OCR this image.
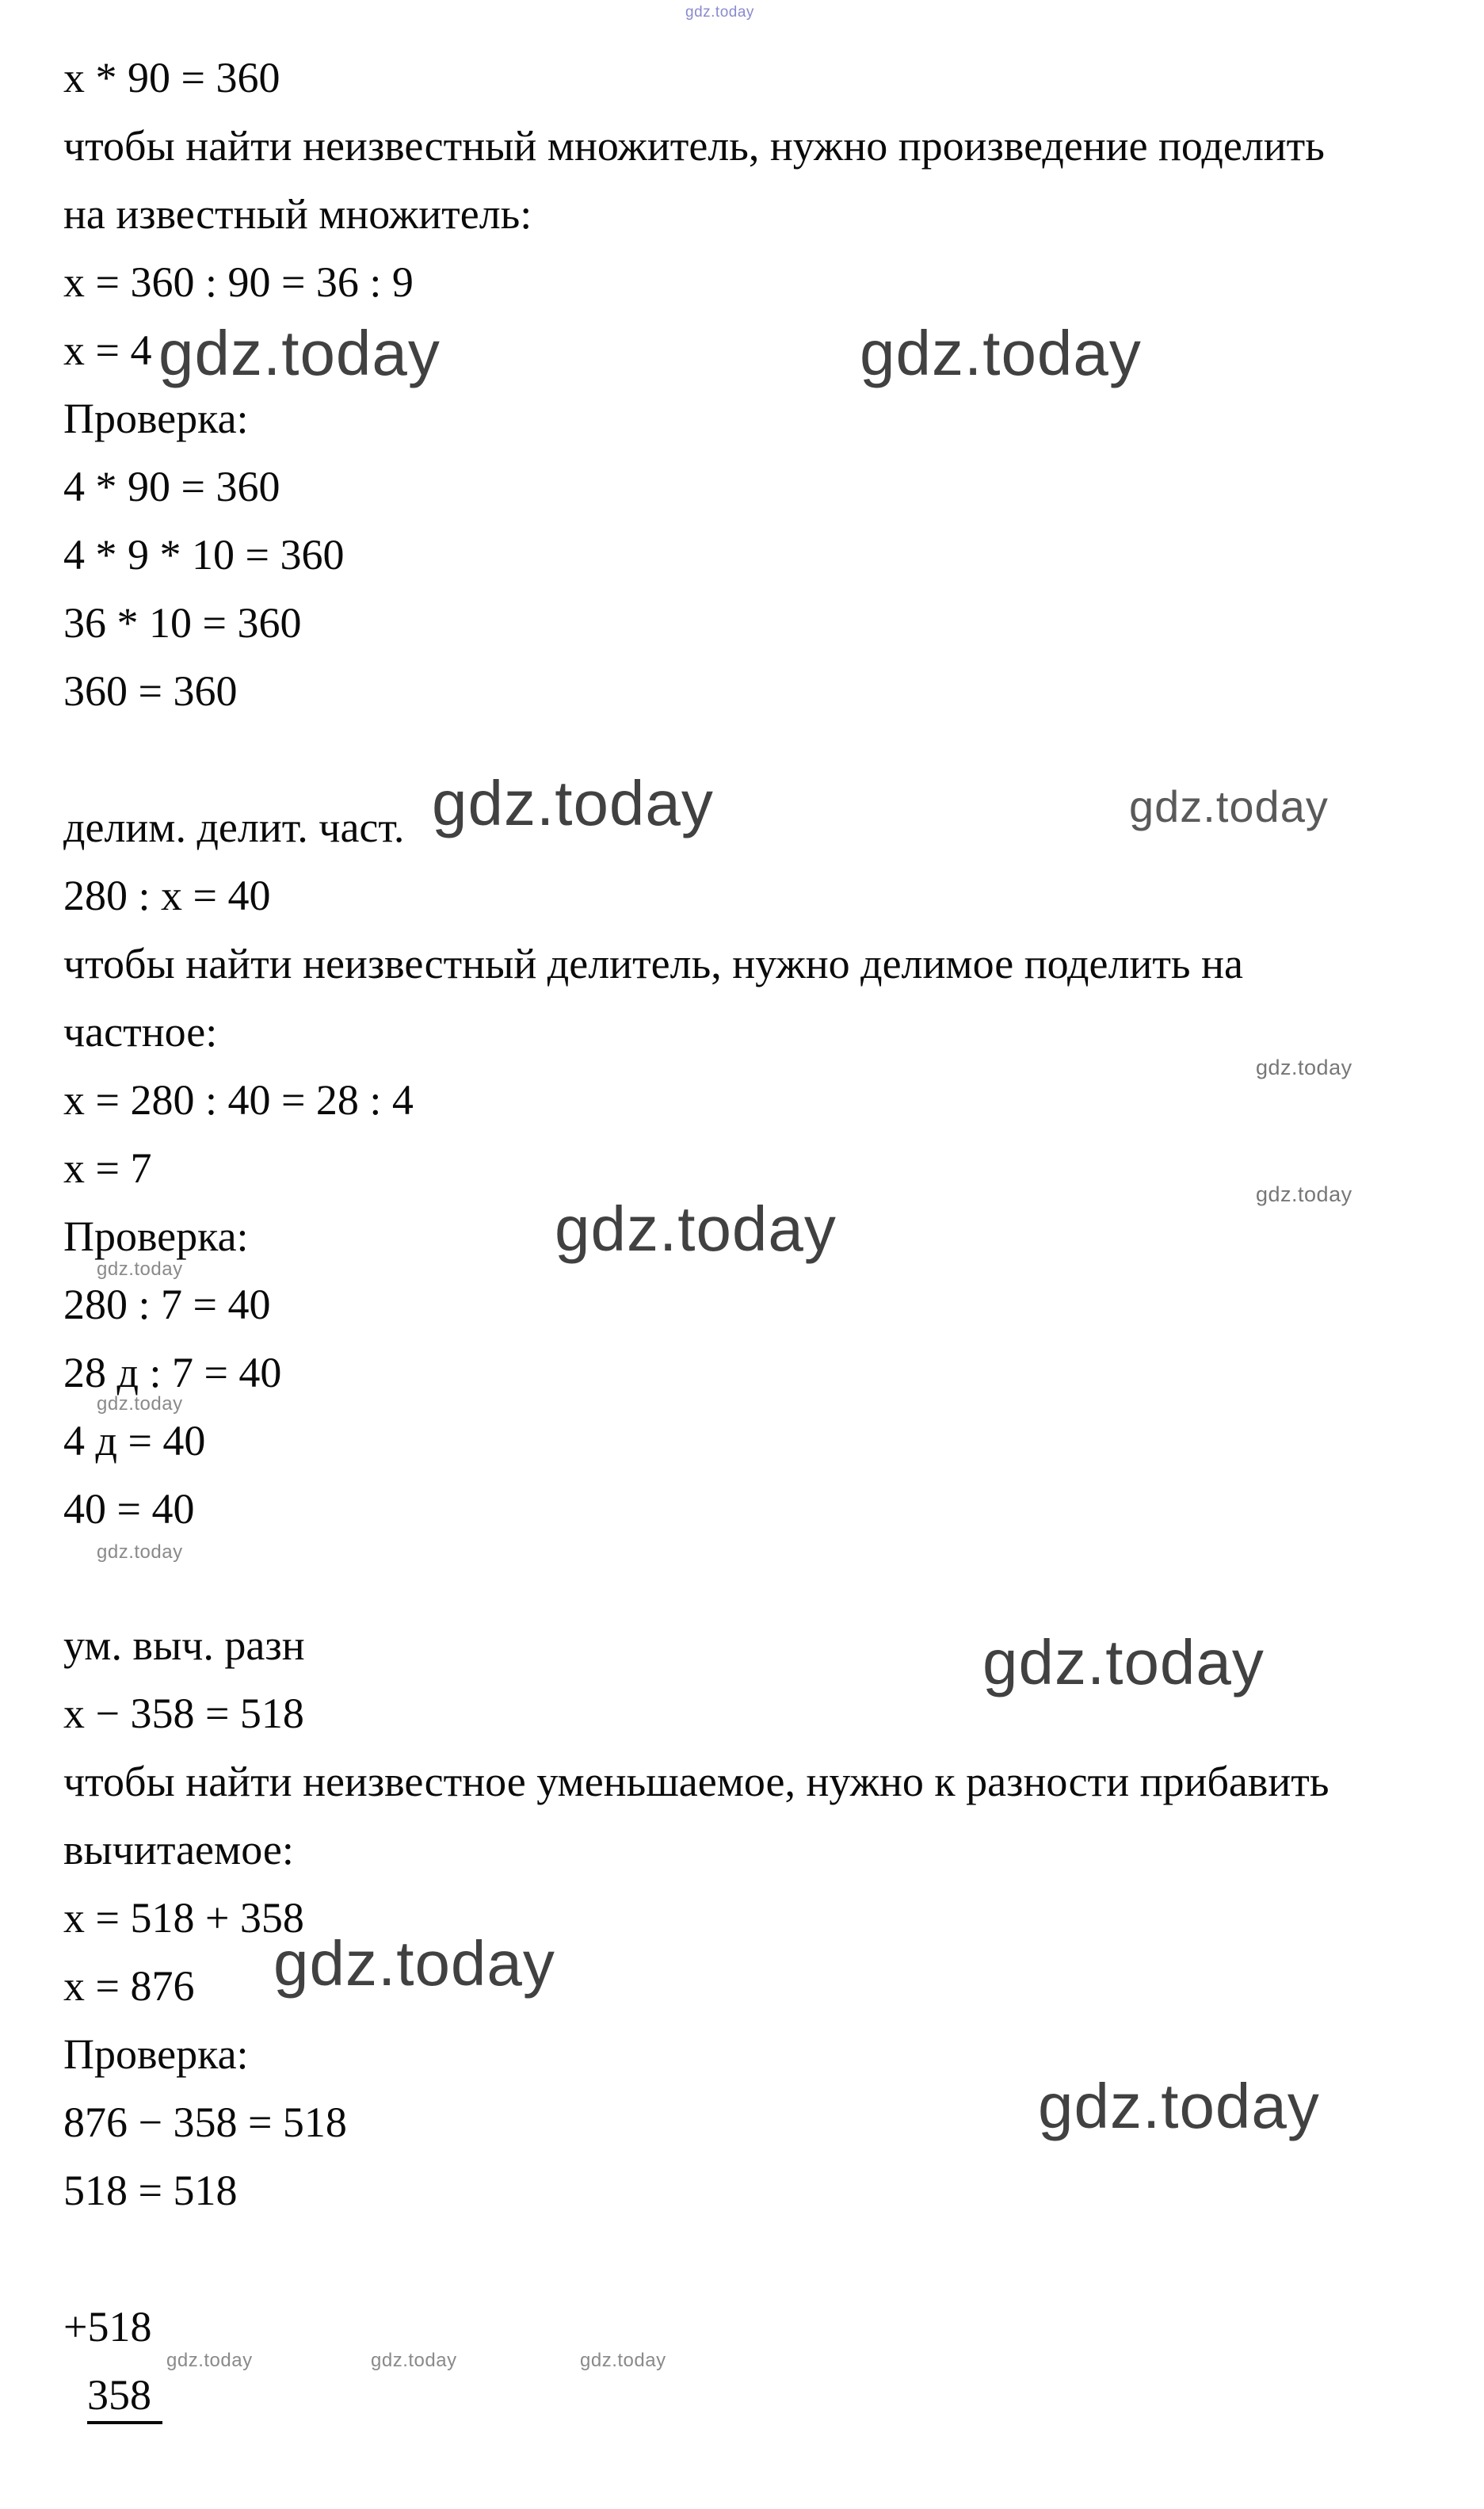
gdz.today
gdz.today	gdz.today
gdz.today	gdz.today
gdz.today
gdz.today
gdz.today
gdz.today
gdz.today
gdz.today
gdz.today
gdz.today
gdz.today
gdz.today	gdz.today	gdz.today
x * 90 = 360
чтобы найти неизвестный множитель, нужно произведение поделить
на известный множитель:
x = 360 : 90 = 36 : 9
x = 4
Проверка:
4 * 90 = 360
4 * 9 * 10 = 360
36 * 10 = 360
360 = 360
делим. делит. част.
280 : x = 40
чтобы найти неизвестный делитель, нужно делимое поделить на
частное:
x = 280 : 40 = 28 : 4
x = 7
Проверка:
280 : 7 = 40
28 д : 7 = 40
4 д = 40
40 = 40
ум. выч. разн
x − 358 = 518
чтобы найти неизвестное уменьшаемое, нужно к разности прибавить
вычитаемое:
x = 518 + 358
x = 876
Проверка:
876 − 358 = 518
518 = 518
+518
358
